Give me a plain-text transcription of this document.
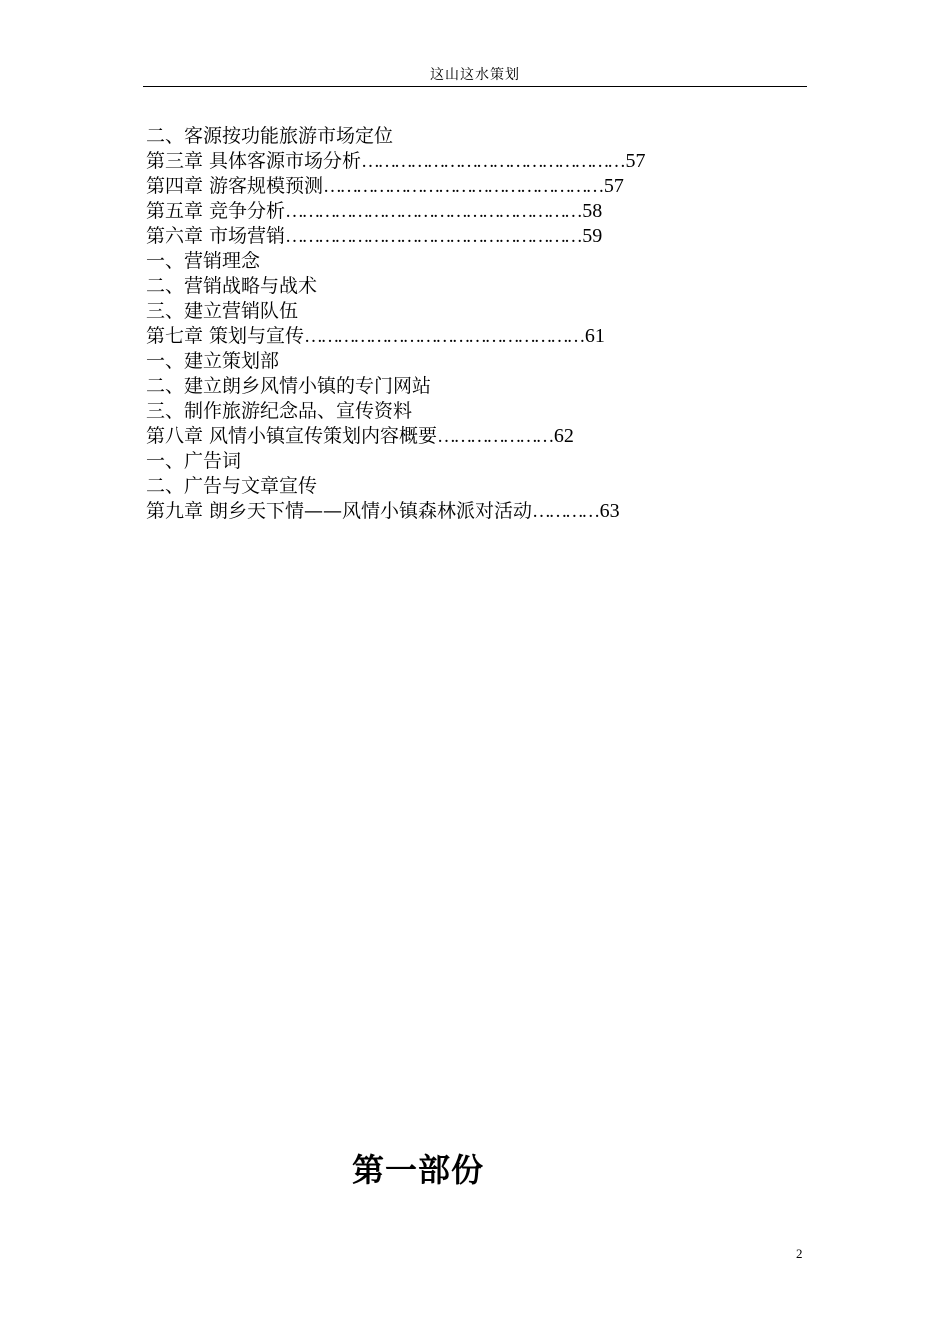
这山这水策划
二、客源按功能旅游市场定位
第三章 具体客源市场分析………………………………………… 57
第四章 游客规模预测…………………………………………… 57
第五章 竞争分析……………………………………………… 58
第六章 市场营销……………………………………………… 59
一、营销理念
二、营销战略与战术
三、建立营销队伍
第七章 策划与宣传…………………………………………… 61
一、建立策划部
二、建立朗乡风情小镇的专门网站
三、制作旅游纪念品、宣传资料
第八章 风情小镇宣传策划内容概要………………… 62
一、广告词
二、广告与文章宣传
第九章 朗乡天下情——风情小镇森林派对活动………… 63
第一部份
2
